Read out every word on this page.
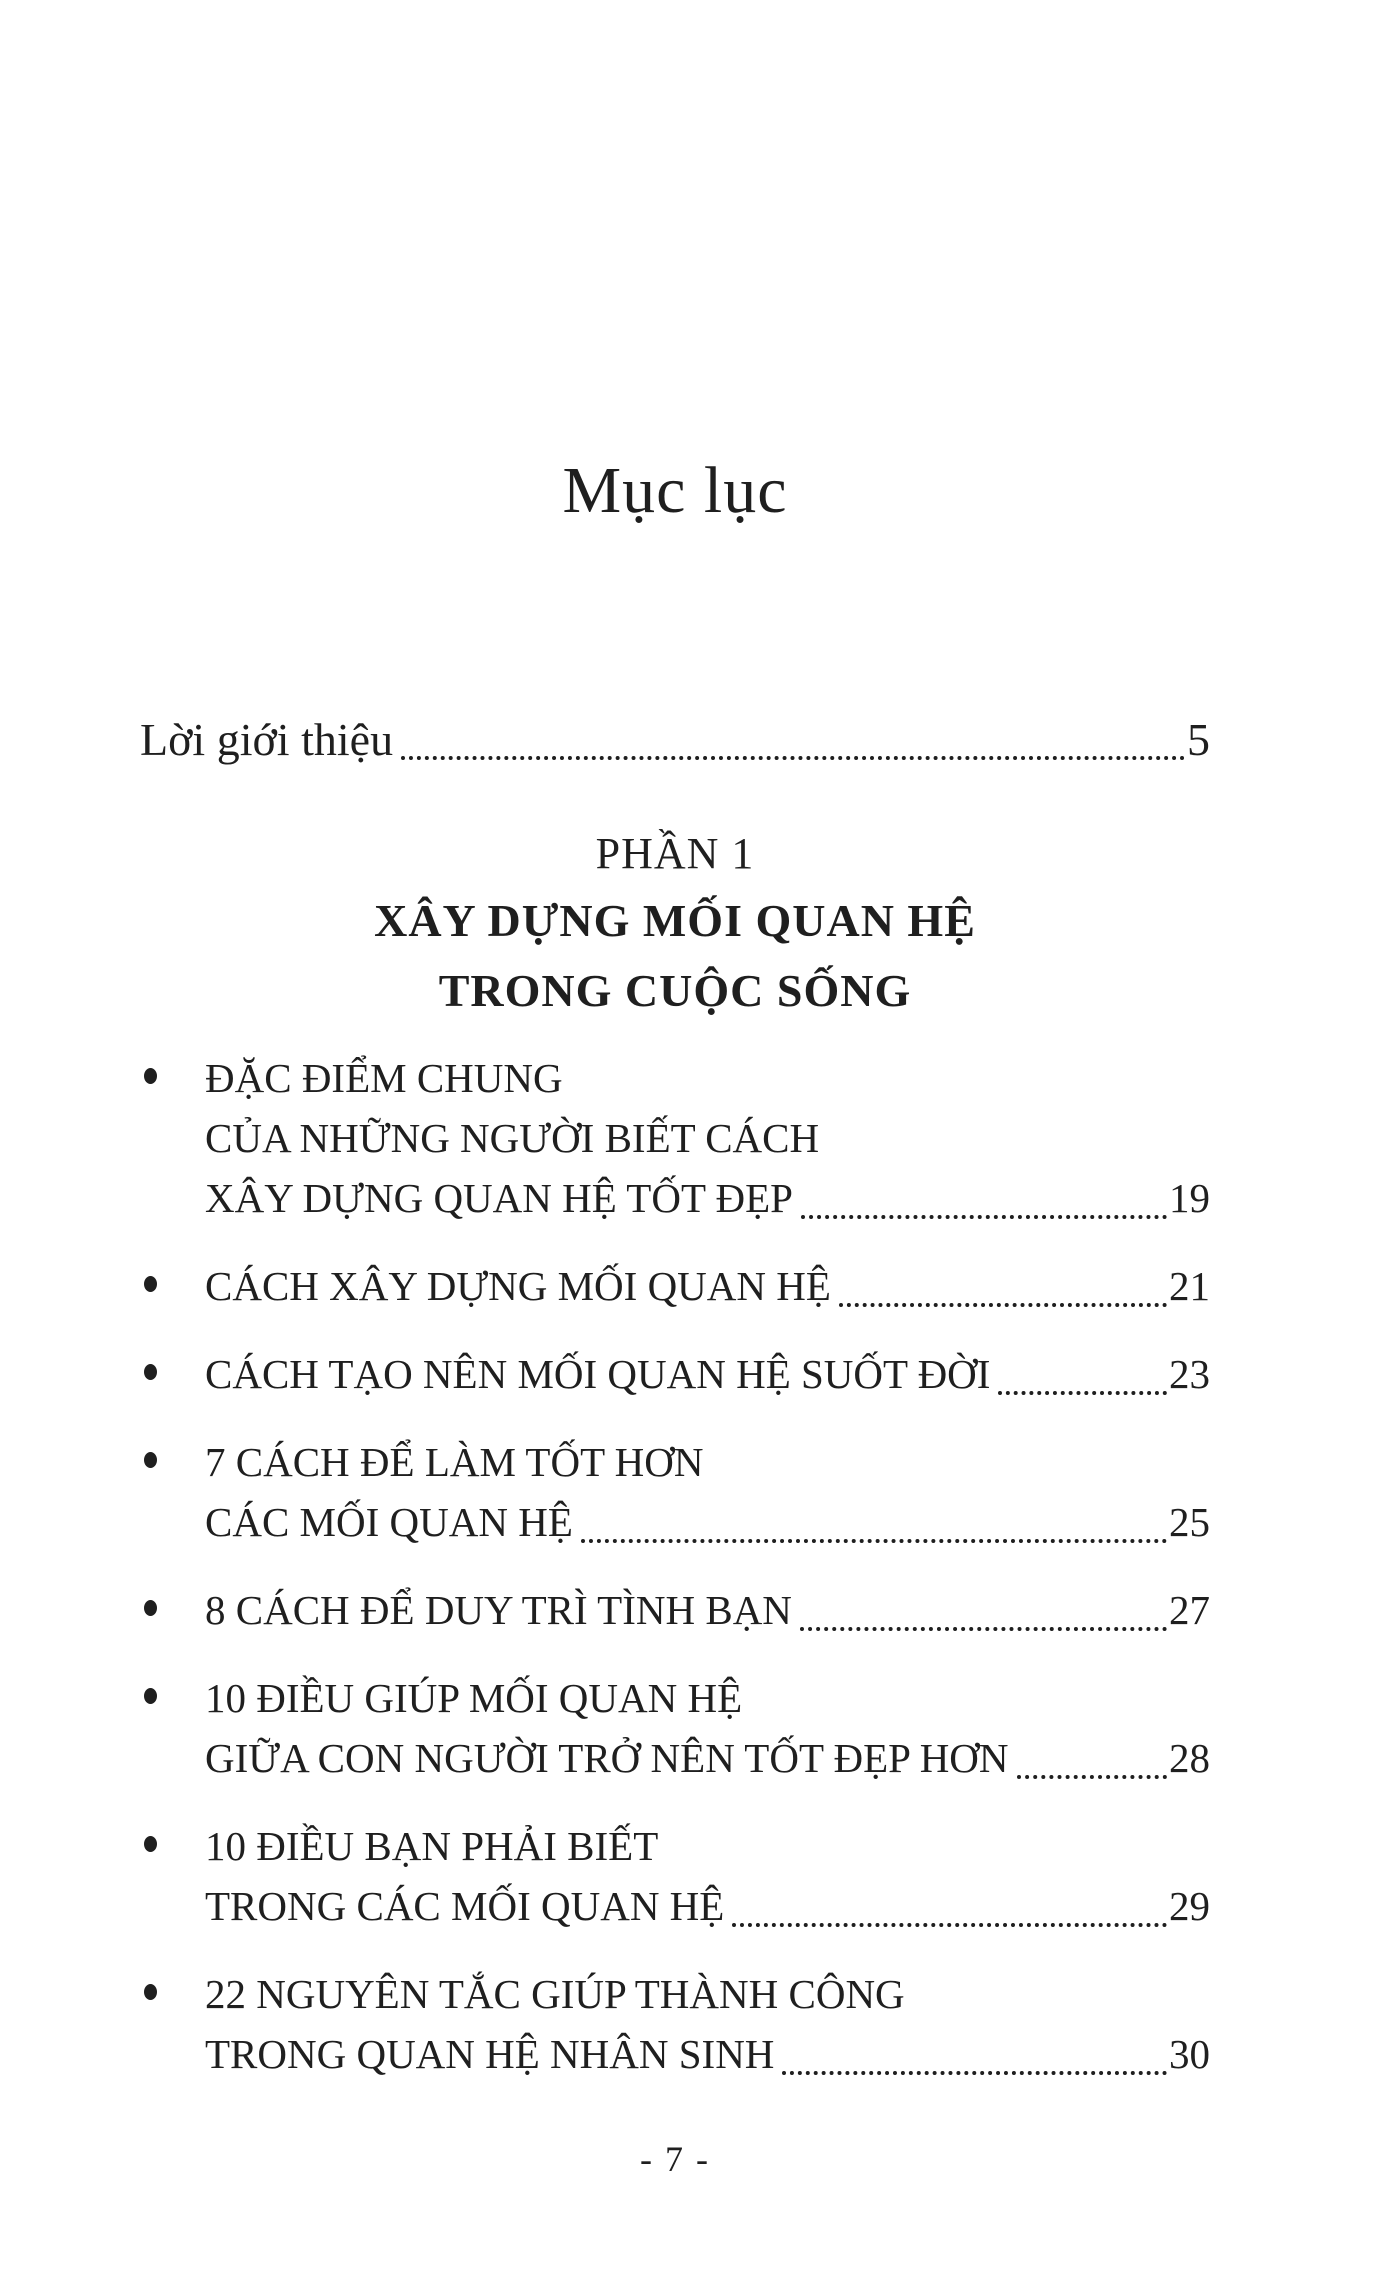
Mục lục
Lời giới thiệu	5
PHẦN 1
XÂY DỰNG MỐI QUAN HỆ
TRONG CUỘC SỐNG
ĐẶC ĐIỂM CHUNG
CỦA NHỮNG NGƯỜI BIẾT CÁCH
XÂY DỰNG QUAN HỆ TỐT ĐẸP	19
CÁCH XÂY DỰNG MỐI QUAN HỆ	21
CÁCH TẠO NÊN MỐI QUAN HỆ SUỐT ĐỜI	23
7 CÁCH ĐỂ LÀM TỐT HƠN
CÁC MỐI QUAN HỆ	25
8 CÁCH ĐỂ DUY TRÌ TÌNH BẠN	27
10 ĐIỀU GIÚP MỐI QUAN HỆ
GIỮA CON NGƯỜI TRỞ NÊN TỐT ĐẸP HƠN	28
10 ĐIỀU BẠN PHẢI BIẾT
TRONG CÁC MỐI QUAN HỆ	29
22 NGUYÊN TẮC GIÚP THÀNH CÔNG
TRONG QUAN HỆ NHÂN SINH	30
- 7 -
